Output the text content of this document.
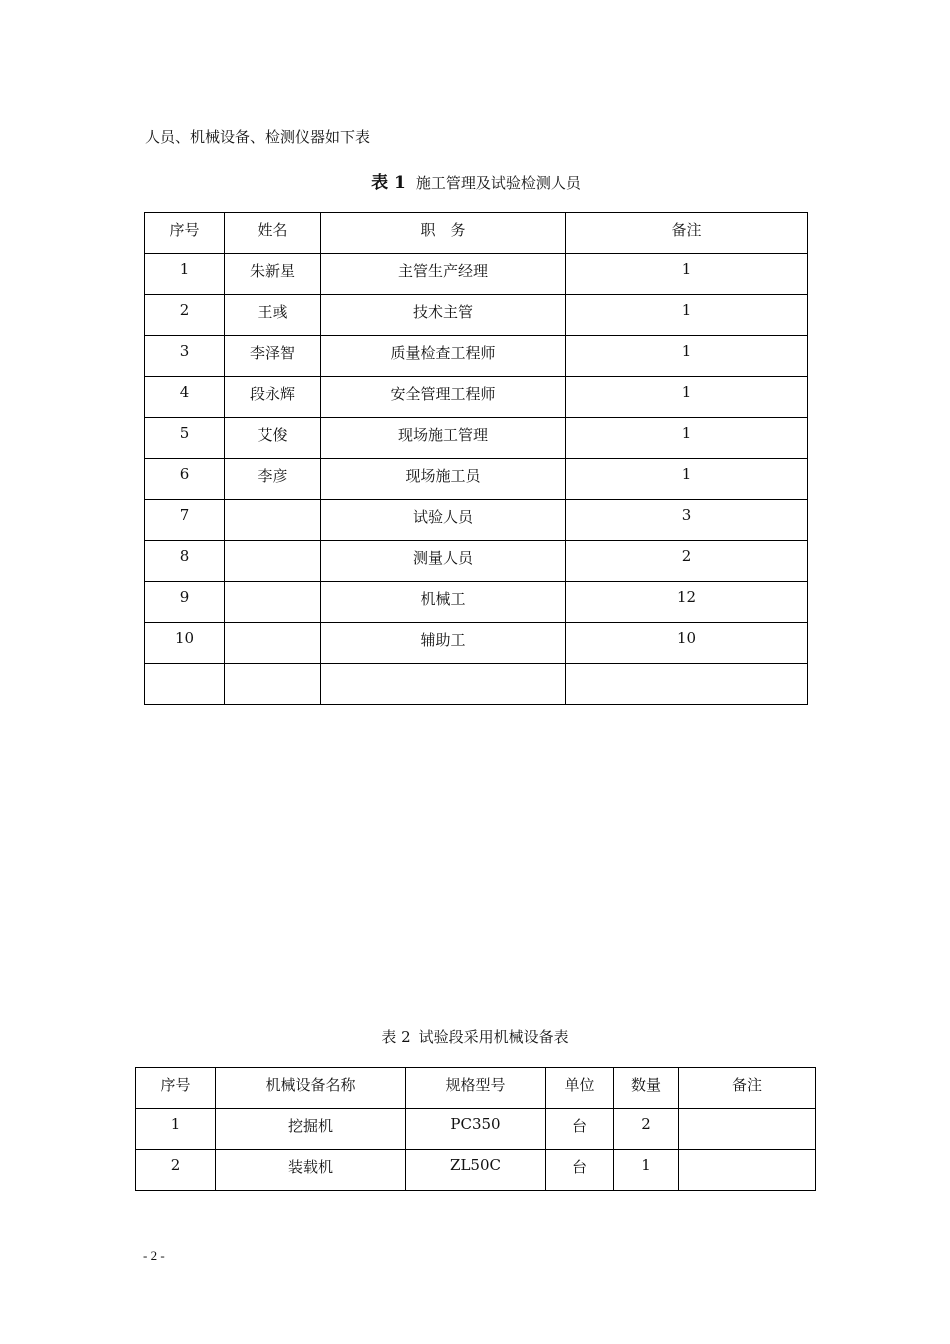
人员、机械设备、检测仪器如下表
表 1 施工管理及试验检测人员
序号	姓名	职　务	备注

1	朱新星	主管生产经理	1

2	王彧	技术主管	1

3	李泽智	质量检查工程师	1

4	段永辉	安全管理工程师	1

5	艾俊	现场施工管理	1

6	李彦	现场施工员	1

7		试验人员	3

8		测量人员	2

9		机械工	12

10		辅助工	10

表 2 试验段采用机械设备表
序号	机械设备名称	规格型号	单位	数量	备注

1	挖掘机	PC350	台	2	

2	装载机	ZL50C	台	1	

- 2 -
